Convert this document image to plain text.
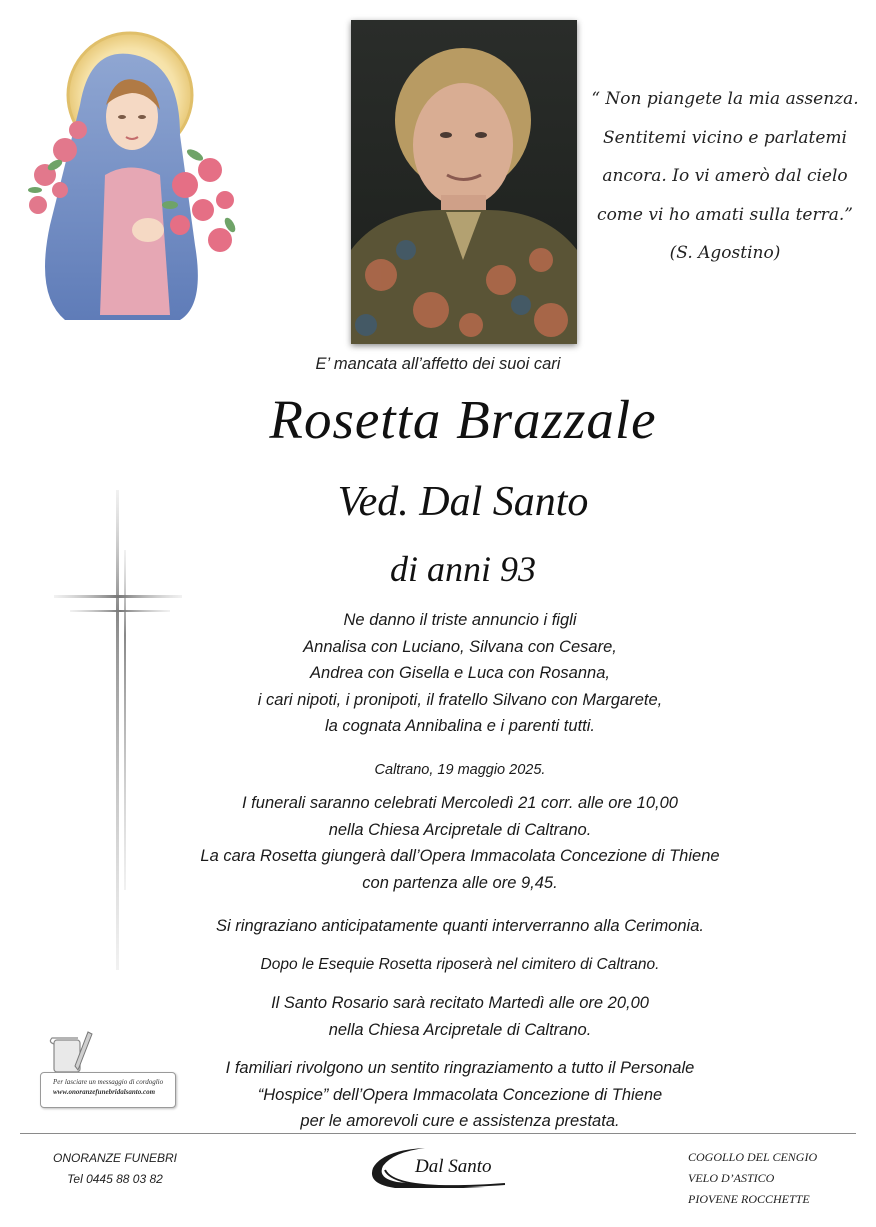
“ Non piangete la mia assenza.
Sentitemi vicino e parlatemi
ancora. Io vi amerò dal cielo
come vi ho amati sulla terra.”
(S. Agostino)
E’ mancata all’affetto dei suoi cari
Rosetta Brazzale
Ved. Dal Santo
di anni 93
Ne danno il triste annuncio i figli
Annalisa con Luciano, Silvana con Cesare,
Andrea con Gisella e Luca con Rosanna,
i cari nipoti, i pronipoti, il fratello Silvano con Margarete,
la cognata Annibalina e i parenti tutti.
Caltrano, 19 maggio 2025.
I funerali saranno celebrati Mercoledì 21 corr. alle ore 10,00
nella Chiesa Arcipretale di Caltrano.
La cara Rosetta giungerà dall’Opera Immacolata Concezione di Thiene
con partenza alle ore 9,45.
Si ringraziano anticipatamente quanti interverranno alla Cerimonia.
Dopo le Esequie Rosetta riposerà nel cimitero di Caltrano.
Il Santo Rosario sarà recitato Martedì alle ore 20,00
nella Chiesa Arcipretale di Caltrano.
I familiari rivolgono un sentito ringraziamento a tutto il Personale
“Hospice” dell’Opera Immacolata Concezione di Thiene
per le amorevoli cure e assistenza prestata.
Per lasciare un messaggio di cordoglio
www.onoranzefunebridalsanto.com
ONORANZE FUNEBRI
Tel 0445 88 03 82
Dal Santo	COGOLLO DEL CENGIO
VELO D’ASTICO
PIOVENE ROCCHETTE
